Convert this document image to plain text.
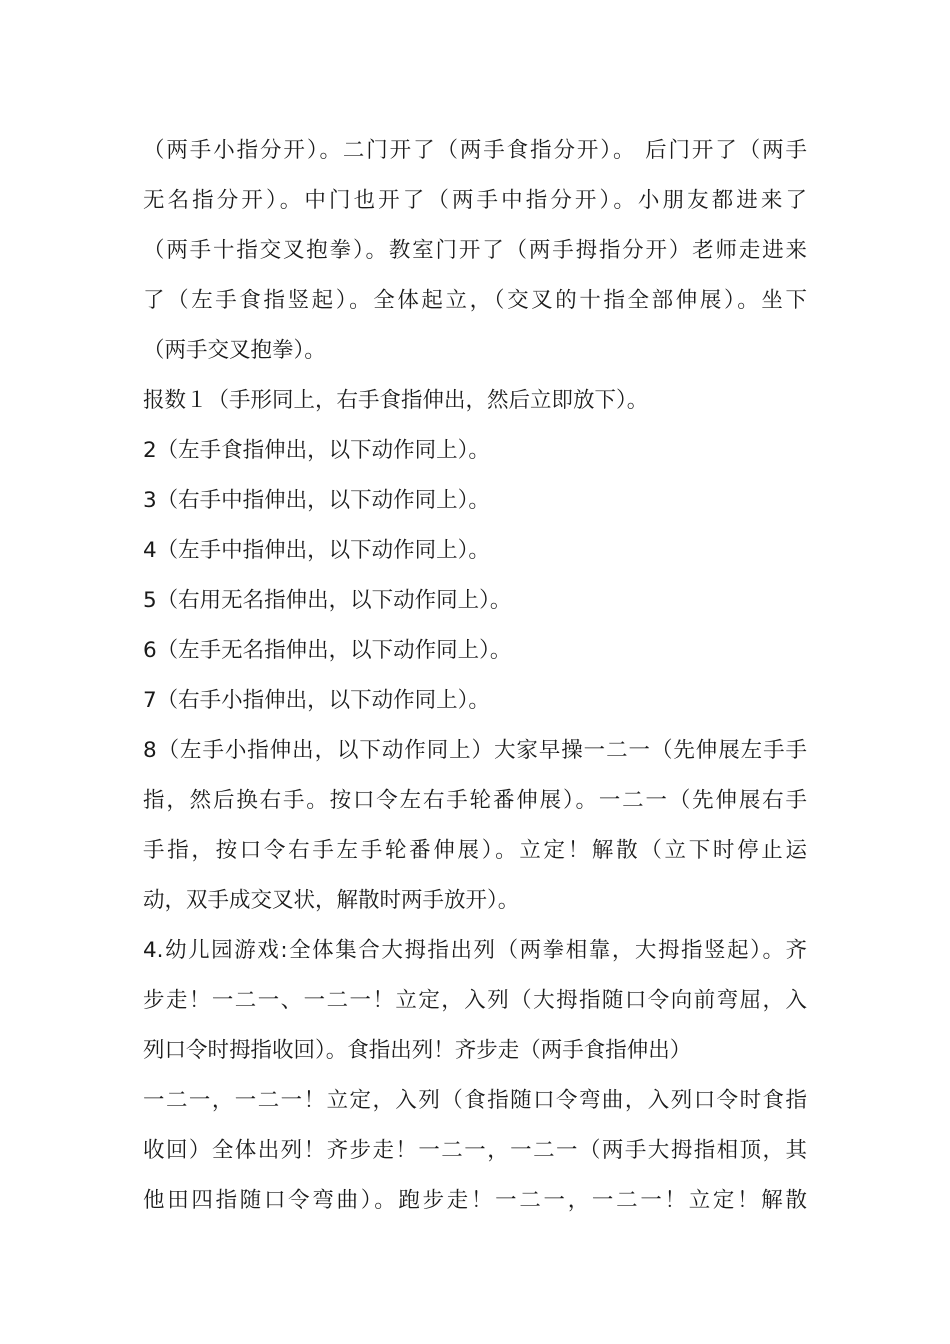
（两手小指分开）。二门开了（两手食指分开）。 后门开了（两手
无名指分开）。中门也开了（两手中指分开）。小朋友都进来了
（两手十指交叉抱拳）。教室门开了（两手拇指分开）老师走进来
了（左手食指竖起）。全体起立，（交叉的十指全部伸展）。坐下
（两手交叉抱拳）。
报数１（手形同上，右手食指伸出，然后立即放下）。
2（左手食指伸出，以下动作同上）。
3（右手中指伸出，以下动作同上）。
4（左手中指伸出，以下动作同上）。
5（右用无名指伸出，以下动作同上）。
6（左手无名指伸出，以下动作同上）。
7（右手小指伸出，以下动作同上）。
8（左手小指伸出，以下动作同上）大家早操一二一（先伸展左手手
指，然后换右手。按口令左右手轮番伸展）。一二一（先伸展右手
手指，按口令右手左手轮番伸展）。立定！解散（立下时停止运
动，双手成交叉状，解散时两手放开）。
4.幼儿园游戏:全体集合大拇指出列（两拳相靠，大拇指竖起）。齐
步走！一二一、一二一！立定，入列（大拇指随口令向前弯屈，入
列口令时拇指收回）。食指出列！齐步走（两手食指伸出）
一二一，一二一！立定，入列（食指随口令弯曲，入列口令时食指
收回）全体出列！齐步走！一二一，一二一（两手大拇指相顶，其
他田四指随口令弯曲）。跑步走！一二一，一二一！立定！解散
